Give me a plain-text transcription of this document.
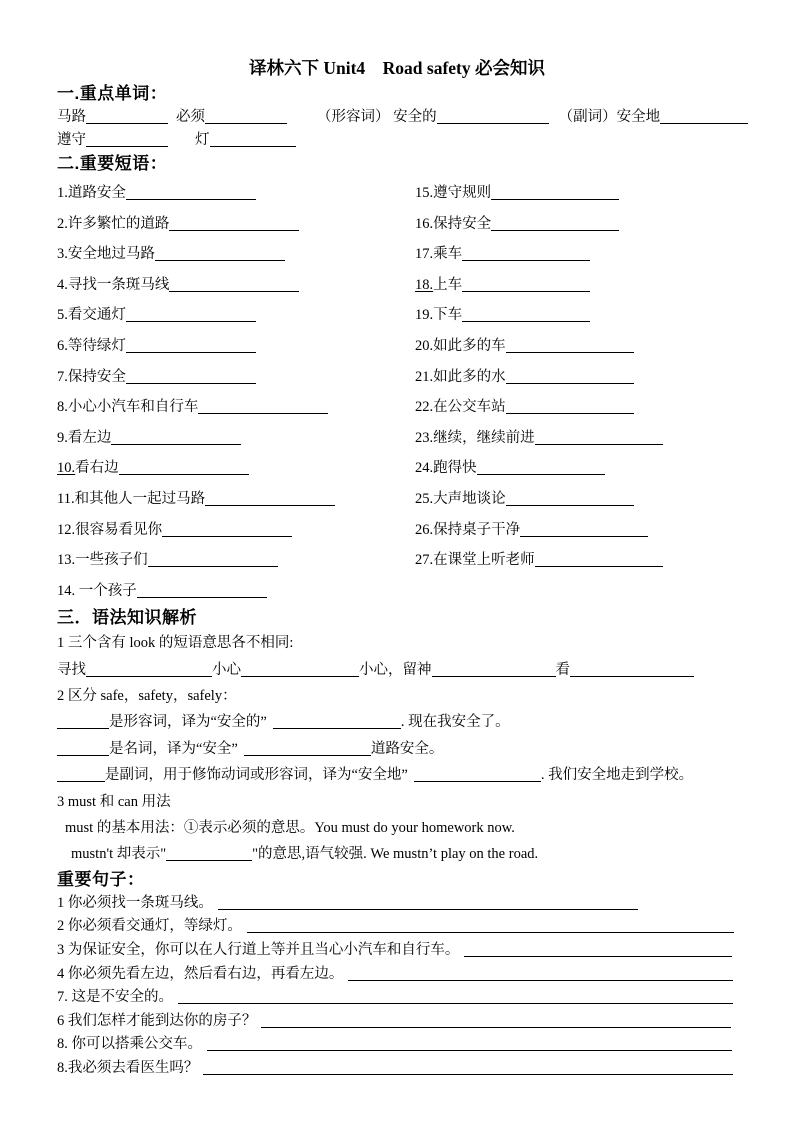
译林六下 Unit4　Road safety 必会知识
一.重点单词：
马路	必须	（形容词） 安全的	（副词）安全地
遵守	灯
二.重要短语：
1.道路安全
2.许多繁忙的道路
3.安全地过马路
4.寻找一条斑马线
5.看交通灯
6.等待绿灯
7.保持安全
8.小心小汽车和自行车
9.看左边
10.看右边
11.和其他人一起过马路
12.很容易看见你
13.一些孩子们
14. 一个孩子
15.遵守规则
16.保持安全
17.乘车
18.上车
19.下车
20.如此多的车
21.如此多的水
22.在公交车站
23.继续，继续前进
24.跑得快
25.大声地谈论
26.保持桌子干净
27.在课堂上听老师
三．语法知识解析
1 三个含有 look 的短语意思各不相同:
寻找	小心	小心，留神	看
2 区分 safe，safety，safely：
是形容词，译为“安全的”	. 现在我安全了。
是名词，译为“安全”	道路安全。
是副词，用于修饰动词或形容词，译为“安全地”	. 我们安全地走到学校。
3 must 和 can 用法
must 的基本用法：①表示必须的意思。You must do your homework now.
mustn't 却表示"	"的意思,语气较强. We mustn’t play on the road.
重要句子：
1 你必须找一条斑马线。
2 你必须看交通灯，等绿灯。
3 为保证安全，你可以在人行道上等并且当心小汽车和自行车。
4 你必须先看左边，然后看右边，再看左边。
7. 这是不安全的。
6 我们怎样才能到达你的房子？
8. 你可以搭乘公交车。
8.我必须去看医生吗？
